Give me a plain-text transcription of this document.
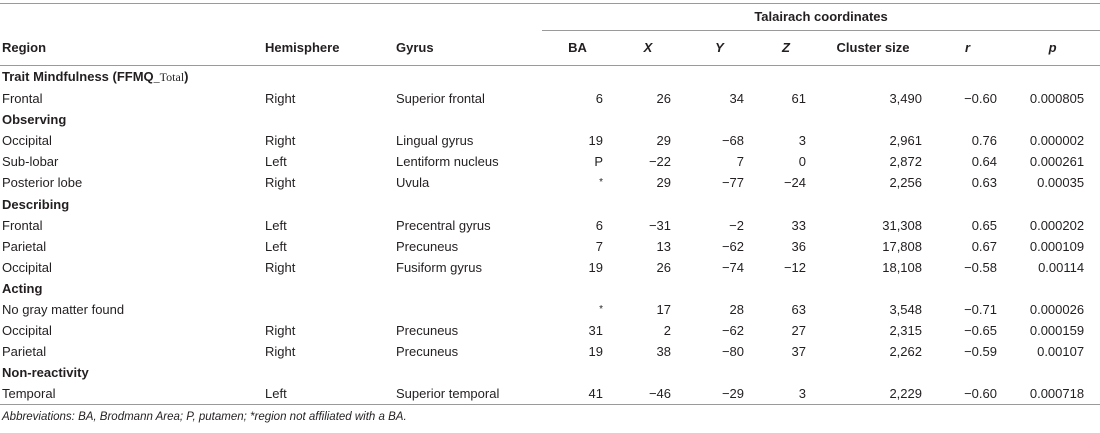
			Talairach coordinates						

Region	Hemisphere	Gyrus	BA	X	Y	Z	Cluster size	r	p
Trait Mindfulness (FFMQ_Total)									
Frontal	Right	Superior frontal	6	26	34	61	3,490	−0.60	0.000805
Observing									
Occipital	Right	Lingual gyrus	19	29	−68	3	2,961	0.76	0.000002
Sub-lobar	Left	Lentiform nucleus	P	−22	7	0	2,872	0.64	0.000261
Posterior lobe	Right	Uvula	*	29	−77	−24	2,256	0.63	0.00035
Describing									
Frontal	Left	Precentral gyrus	6	−31	−2	33	31,308	0.65	0.000202
Parietal	Left	Precuneus	7	13	−62	36	17,808	0.67	0.000109
Occipital	Right	Fusiform gyrus	19	26	−74	−12	18,108	−0.58	0.00114
Acting									
No gray matter found			*	17	28	63	3,548	−0.71	0.000026
Occipital	Right	Precuneus	31	2	−62	27	2,315	−0.65	0.000159
Parietal	Right	Precuneus	19	38	−80	37	2,262	−0.59	0.00107
Non-reactivity									
Temporal	Left	Superior temporal	41	−46	−29	3	2,229	−0.60	0.000718
Abbreviations: BA, Brodmann Area; P, putamen; *region not affiliated with a BA.
